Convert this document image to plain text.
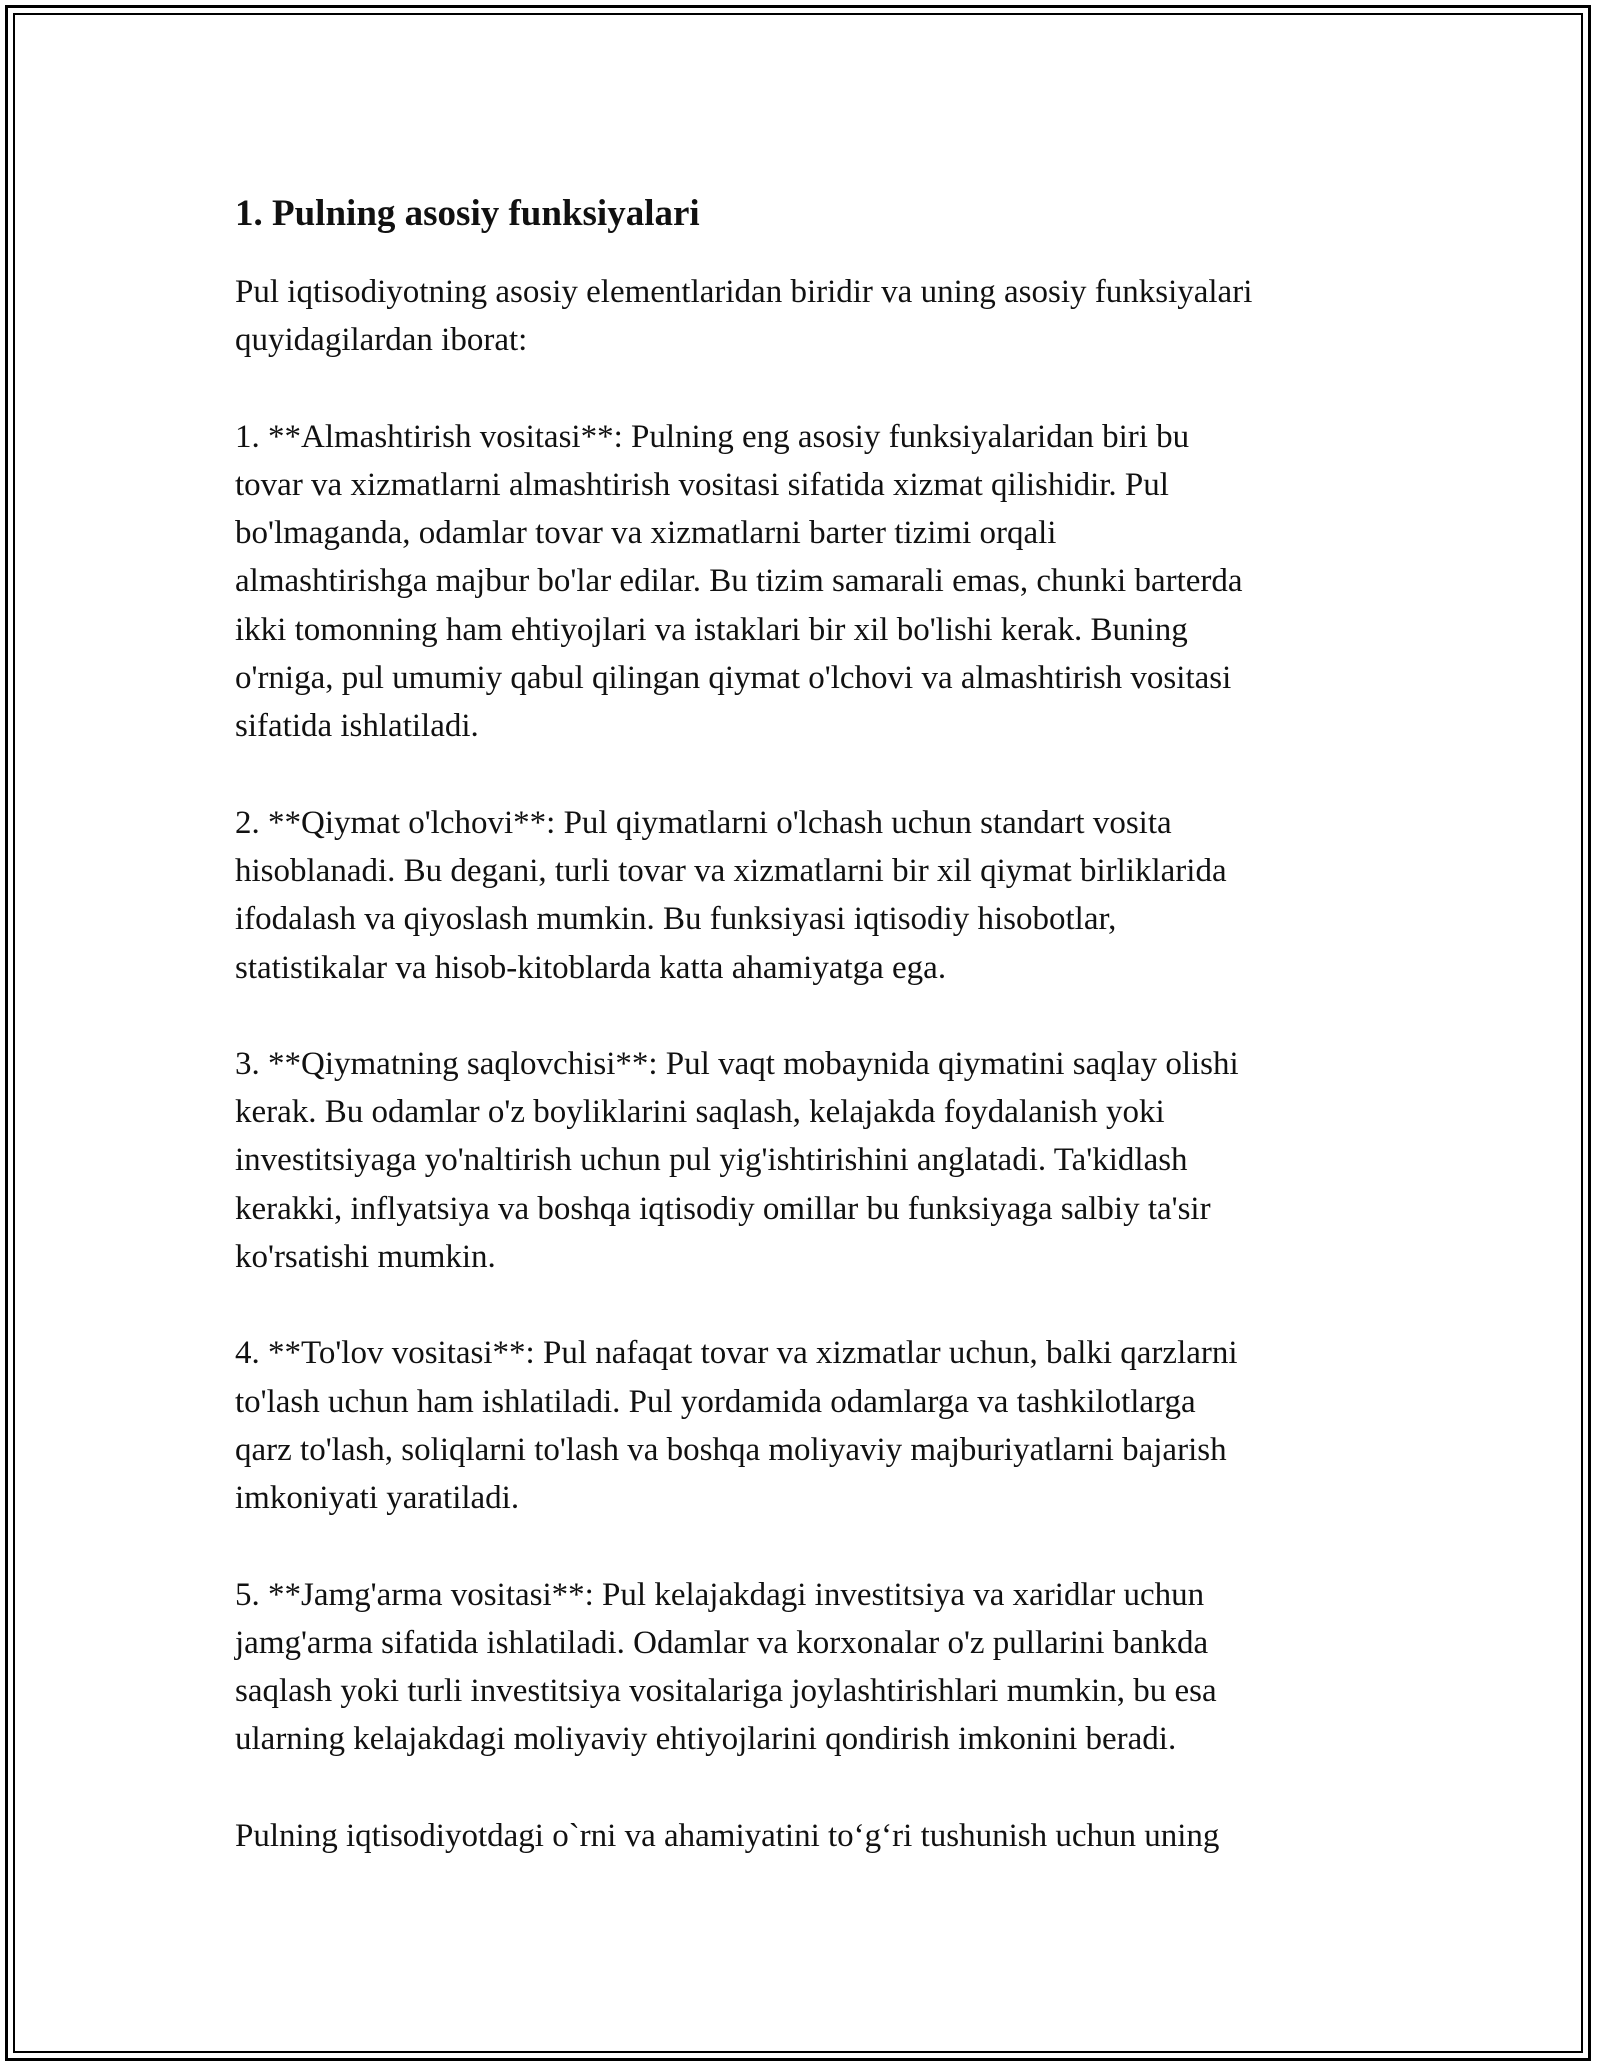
1. Pulning asosiy funksiyalari

Pul iqtisodiyotning asosiy elementlaridan biridir va uning asosiy funksiyalari
quyidagilardan iborat:

1. **Almashtirish vositasi**: Pulning eng asosiy funksiyalaridan biri bu
tovar va xizmatlarni almashtirish vositasi sifatida xizmat qilishidir. Pul
bo'lmaganda, odamlar tovar va xizmatlarni barter tizimi orqali
almashtirishga majbur bo'lar edilar. Bu tizim samarali emas, chunki barterda
ikki tomonning ham ehtiyojlari va istaklari bir xil bo'lishi kerak. Buning
o'rniga, pul umumiy qabul qilingan qiymat o'lchovi va almashtirish vositasi
sifatida ishlatiladi.

2. **Qiymat o'lchovi**: Pul qiymatlarni o'lchash uchun standart vosita
hisoblanadi. Bu degani, turli tovar va xizmatlarni bir xil qiymat birliklarida
ifodalash va qiyoslash mumkin. Bu funksiyasi iqtisodiy hisobotlar,
statistikalar va hisob-kitoblarda katta ahamiyatga ega.

3. **Qiymatning saqlovchisi**: Pul vaqt mobaynida qiymatini saqlay olishi
kerak. Bu odamlar o'z boyliklarini saqlash, kelajakda foydalanish yoki
investitsiyaga yo'naltirish uchun pul yig'ishtirishini anglatadi. Ta'kidlash
kerakki, inflyatsiya va boshqa iqtisodiy omillar bu funksiyaga salbiy ta'sir
ko'rsatishi mumkin.

4. **To'lov vositasi**: Pul nafaqat tovar va xizmatlar uchun, balki qarzlarni
to'lash uchun ham ishlatiladi. Pul yordamida odamlarga va tashkilotlarga
qarz to'lash, soliqlarni to'lash va boshqa moliyaviy majburiyatlarni bajarish
imkoniyati yaratiladi.

5. **Jamg'arma vositasi**: Pul kelajakdagi investitsiya va xaridlar uchun
jamg'arma sifatida ishlatiladi. Odamlar va korxonalar o'z pullarini bankda
saqlash yoki turli investitsiya vositalariga joylashtirishlari mumkin, bu esa
ularning kelajakdagi moliyaviy ehtiyojlarini qondirish imkonini beradi.

Pulning iqtisodiyotdagi o`rni va ahamiyatini to‘g‘ri tushunish uchun uning
